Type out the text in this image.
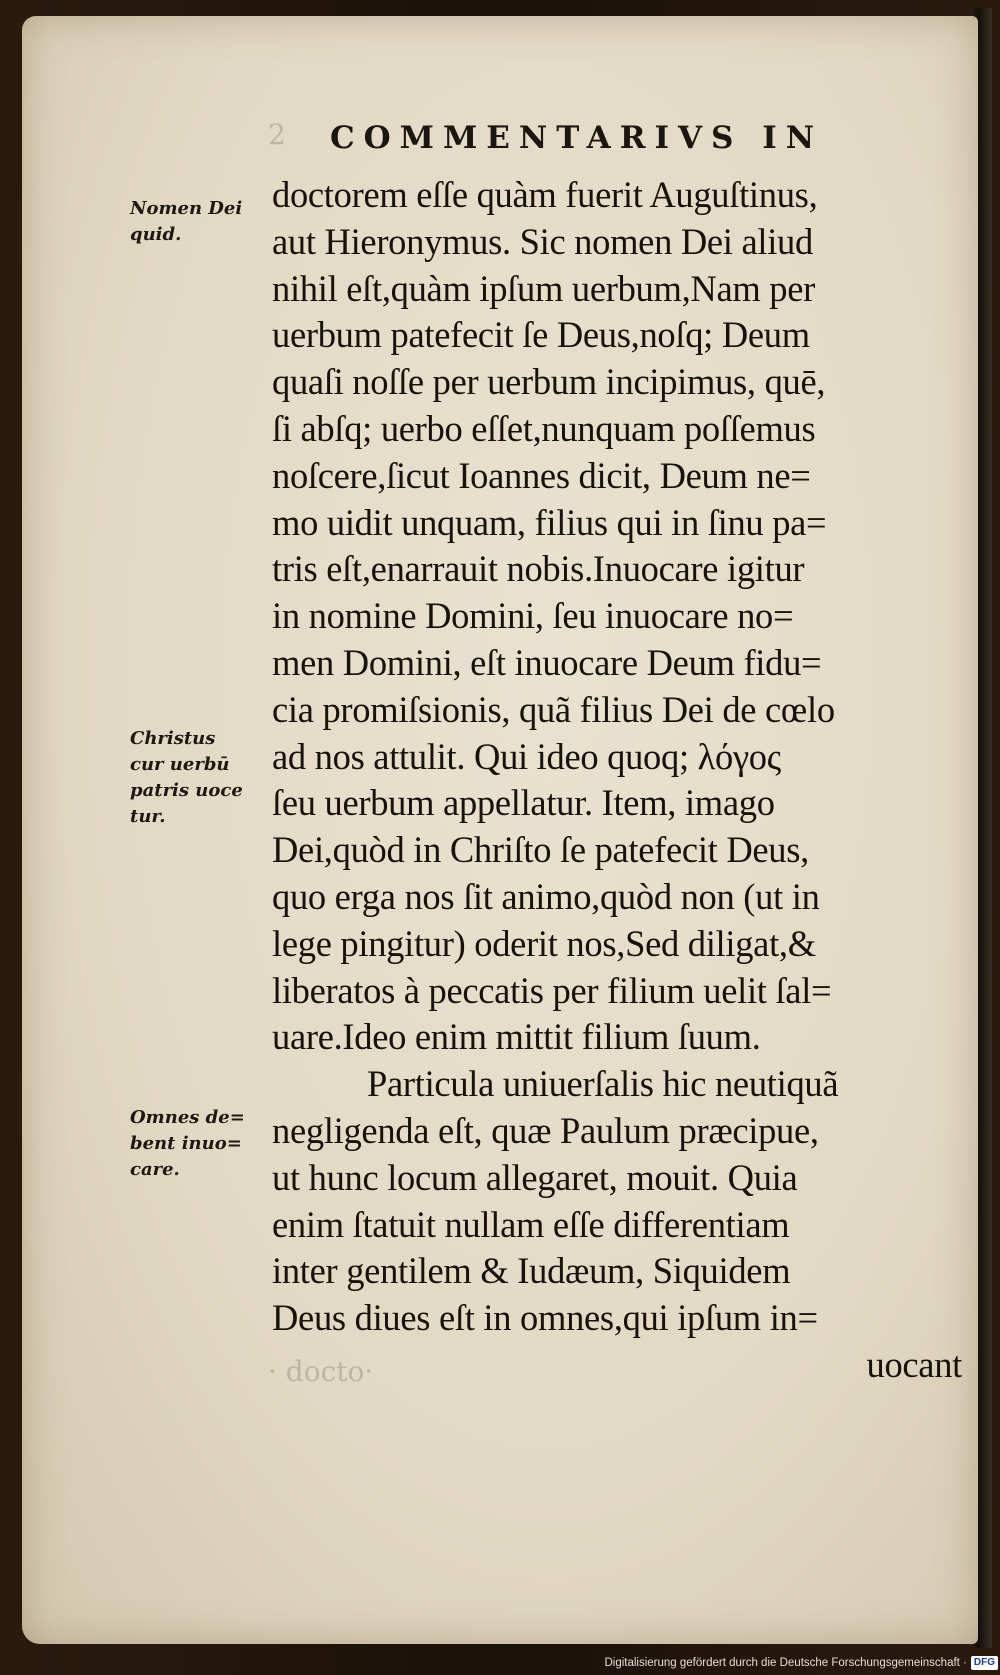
2
· docto·
COMMENTARIVS IN
Nomen Dei
quid.
Christus
cur uerbū
patris uoce
tur.
Omnes de=
bent inuo=
care.
doctorem eſſe quàm fuerit Auguſtinus,
aut Hieronymus. Sic nomen Dei aliud
nihil eſt,quàm ipſum uerbum,Nam per
uerbum patefecit ſe Deus,noſq; Deum
quaſi noſſe per uerbum incipimus, quē,
ſi abſq; uerbo eſſet,nunquam poſſemus
noſcere,ſicut Ioannes dicit, Deum ne=
mo uidit unquam, filius qui in ſinu pa=
tris eſt,enarrauit nobis.Inuocare igitur
in nomine Domini, ſeu inuocare no=
men Domini, eſt inuocare Deum fidu=
cia promiſsionis, quã filius Dei de cœlo
ad nos attulit. Qui ideo quoq; λόγος
ſeu uerbum appellatur. Item, imago
Dei,quòd in Chriſto ſe patefecit Deus,
quo erga nos ſit animo,quòd non (ut in
lege pingitur) oderit nos,Sed diligat,&
liberatos à peccatis per filium uelit ſal=
uare.Ideo enim mittit filium ſuum.
Particula uniuerſalis hic neutiquã
negligenda eſt, quæ Paulum præcipue,
ut hunc locum allegaret, mouit. Quia
enim ſtatuit nullam eſſe differentiam
inter gentilem & Iudæum, Siquidem
Deus diues eſt in omnes,qui ipſum in=
uocant
Digitalisierung gefördert durch die Deutsche Forschungsgemeinschaft · DFG
